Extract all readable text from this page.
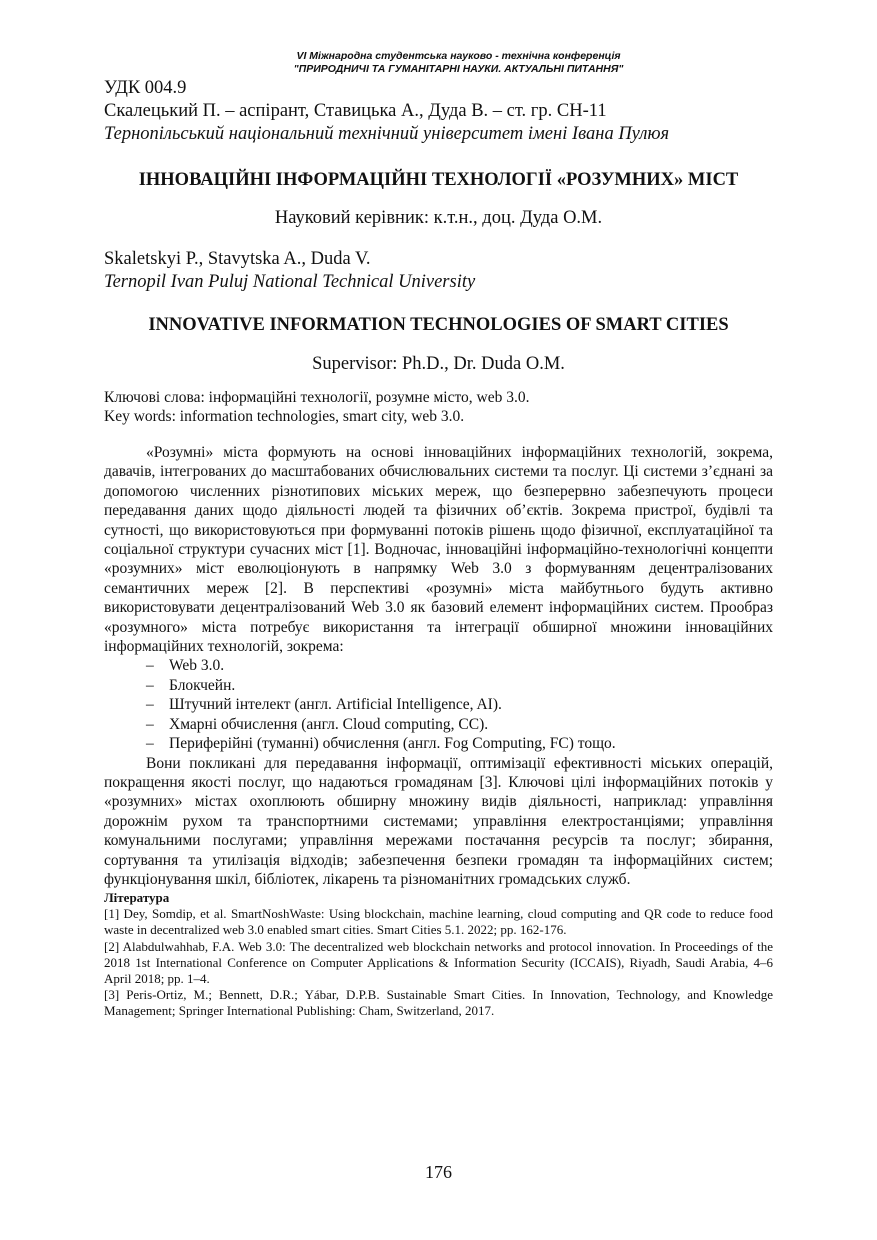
VI Міжнародна студентська науково - технічна конференція
"ПРИРОДНИЧІ ТА ГУМАНІТАРНІ НАУКИ. АКТУАЛЬНІ ПИТАННЯ"
УДК 004.9
Скалецький П. – аспірант, Ставицька А., Дуда В. – ст. гр. СН-11
Тернопільський національний технічний університет імені Івана Пулюя
ІННОВАЦІЙНІ ІНФОРМАЦІЙНІ ТЕХНОЛОГІЇ «РОЗУМНИХ» МІСТ
Науковий керівник: к.т.н., доц. Дуда О.М.
Skaletskyi P., Stavytska A., Duda V.
Ternopil Ivan Puluj National Technical University
INNOVATIVE INFORMATION TECHNOLOGIES OF SMART CITIES
Supervisor: Ph.D., Dr. Duda O.M.
Ключові слова: інформаційні технології, розумне місто, web 3.0.
Key words: information technologies, smart city, web 3.0.

«Розумні» міста формують на основі інноваційних інформаційних технологій, зокрема, давачів, інтегрованих до масштабованих обчислювальних системи та послуг. Ці системи з’єднані за допомогою численних різнотипових міських мереж, що безперервно забезпечують процеси передавання даних щодо діяльності людей та фізичних об’єктів. Зокрема пристрої, будівлі та сутності, що використовуються при формуванні потоків рішень щодо фізичної, експлуатаційної та соціальної структури сучасних міст [1]. Водночас, інноваційні інформаційно-технологічні концепти «розумних» міст еволюціонують в напрямку Web 3.0 з формуванням децентралізованих семантичних мереж [2]. В перспективі «розумні» міста майбутнього будуть активно використовувати децентралізований Web 3.0 як базовий елемент інформаційних систем. Прообраз «розумного» міста потребує використання та інтеграції обширної множини інноваційних інформаційних технологій, зокрема:

– Web 3.0.
– Блокчейн.
– Штучний інтелект (англ. Artificial Intelligence, AI).
– Хмарні обчислення (англ. Cloud computing, CC).
– Периферійні (туманні) обчислення (англ. Fog Computing, FC) тощо.

Вони покликані для передавання інформації, оптимізації ефективності міських операцій, покращення якості послуг, що надаються громадянам [3]. Ключові цілі інформаційних потоків у «розумних» містах охоплюють обширну множину видів діяльності, наприклад: управління дорожнім рухом та транспортними системами; управління електростанціями; управління комунальними послугами; управління мережами постачання ресурсів та послуг; збирання, сортування та утилізація відходів; забезпечення безпеки громадян та інформаційних систем; функціонування шкіл, бібліотек, лікарень та різноманітних громадських служб.

Література

[1] Dey, Somdip, et al. SmartNoshWaste: Using blockchain, machine learning, cloud computing and QR code to reduce food waste in decentralized web 3.0 enabled smart cities. Smart Cities 5.1. 2022; pp. 162-176.

[2] Alabdulwahhab, F.A. Web 3.0: The decentralized web blockchain networks and protocol innovation. In Proceedings of the 2018 1st International Conference on Computer Applications & Information Security (ICCAIS), Riyadh, Saudi Arabia, 4–6 April 2018; pp. 1–4.

[3] Peris-Ortiz, M.; Bennett, D.R.; Yábar, D.P.B. Sustainable Smart Cities. In Innovation, Technology, and Knowledge Management; Springer International Publishing: Cham, Switzerland, 2017.

176
